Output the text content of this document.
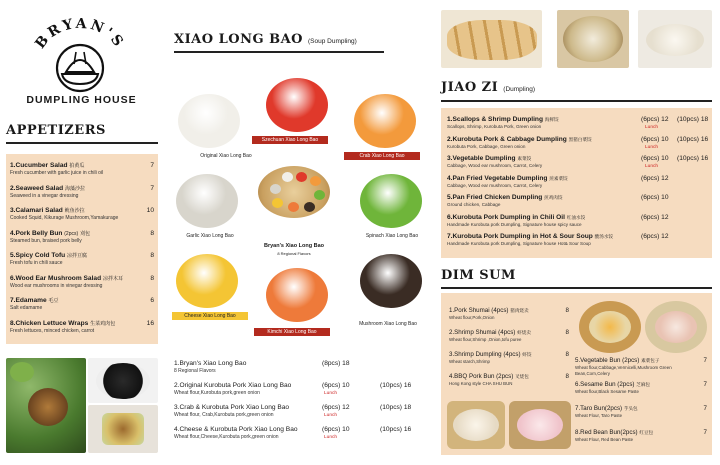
BRYAN'S
DUMPLING HOUSE
APPETIZERS
1.Cucumber Salad 拍黄瓜
Fresh cucumber with garlic juice in chili oil
7
2.Seaweed Salad 海藻沙拉
Seaweed in a vinegar dressing
7
3.Calamari Salad 鱿鱼沙拉
Cooked Squid, Kikurage Mushroom,Yamakurage
10
4.Pork Belly Bun (2pcs) 刈包
Steamed bun, braised pork belly
8
5.Spicy Cold Tofu 凉拌豆腐
Fresh tofu in chili sauce
8
6.Wood Ear Mushroom Salad 凉拌木耳
Wood ear mushrooms in vinegar dressing
8
7.Edamame 毛豆
Salt edamame
6
8.Chicken Lettuce Wraps 生菜鸡肉包
Fresh lettuces, minced chicken, carrot
16
XIAO LONG BAO (Soup Dumpling)
Original Xiao Long Bao
Szechuan Xiao Long Bao
Crab Xiao Long Bao
Garlic Xiao Long Bao	Spinach Xiao Long Bao
Cheese Xiao Long Bao
Kimchi Xiao Long Bao
Mushroom Xiao Long Bao
Bryan's Xiao Long Bao
8 Regional Flavors
1.Bryan's Xiao Long Bao
8 Regional Flavors
(8pcs) 18
2.Original Kurobuta Pork Xiao Long Bao
Wheat flour,Kurobuta pork,green onion
(6pcs) 10	(10pcs) 16
Lunch
3.Crab & Kurobuta Pork Xiao Long Bao
Wheat flour, Crab,Kurobuta pork,green onion
(6pcs) 12	(10pcs) 18
Lunch
4.Cheese & Kurobuta Pork Xiao Long Bao
Wheat flour,Cheese,Kurobuta pork,green onion
(6pcs) 10	(10pcs) 16
Lunch
JIAO ZI (Dumpling)
1.Scallops & Shrimp Dumpling 海鲜饺
Scallops, Shrimp, Kurobuta Pork, Green onion
(6pcs) 12 (10pcs) 18
Lunch
2.Kurobuta Pork & Cabbage Dumpling 黑猪白菜饺
Kurobuta Pork, Cabbage, Green onion
(6pcs) 10 (10pcs) 16
Lunch
3.Vegetable Dumpling 素菜饺
Cabbage, Wood ear mushroom, Carrot, Celery
(6pcs) 10 (10pcs) 16
Lunch
4.Pan Fried Vegetable Dumpling 煎素菜饺
Cabbage, Wood ear mushroom, Carrot, Celery
(6pcs) 12
5.Pan Fried Chicken Dumpling 煎鸡肉饺
Ground chicken, Cabbage
(6pcs) 10
6.Kurobuta Pork Dumpling in Chili Oil 红油水饺
Handmade Kurobuta pork Dumpling, Signature house spicy sauce
(6pcs) 12
7.Kurobuta Pork Dumpling in Hot & Sour Soup 酸汤水饺
Handmade Kurobuta pork Dumpling, Signature house Hot& Sour Soup
(6pcs) 12
DIM SUM
1.Pork Shumai (4pcs) 猪肉烧卖
Wheat flour,Pork,Onion
8
2.Shrimp Shumai (4pcs) 虾烧卖
Wheat flour,Shrimp ,Onion,tofu puree
8
3.Shrimp Dumpling (4pcs) 虾饺
Wheat starch,Shrimp
8
4.BBQ Pork Bun (2pcs) 叉烧包
Hong Kong style CHA SHU BUN
8
5.Vegetable Bun (2pcs) 素菜包子
Wheat flour,Cabbage,Vermicelli,Mushroom Green Bean,Corn,Celery
7
6.Sesame Bun (2pcs) 芝麻包
Wheat flour,Black Sesame Paste
7
7.Taro Bun(2pcs) 芋头包
Wheat Flour, Taro Paste
7
8.Red Bean Bun(2pcs) 红豆包
Wheat Flour, Red Bean Paste
7
